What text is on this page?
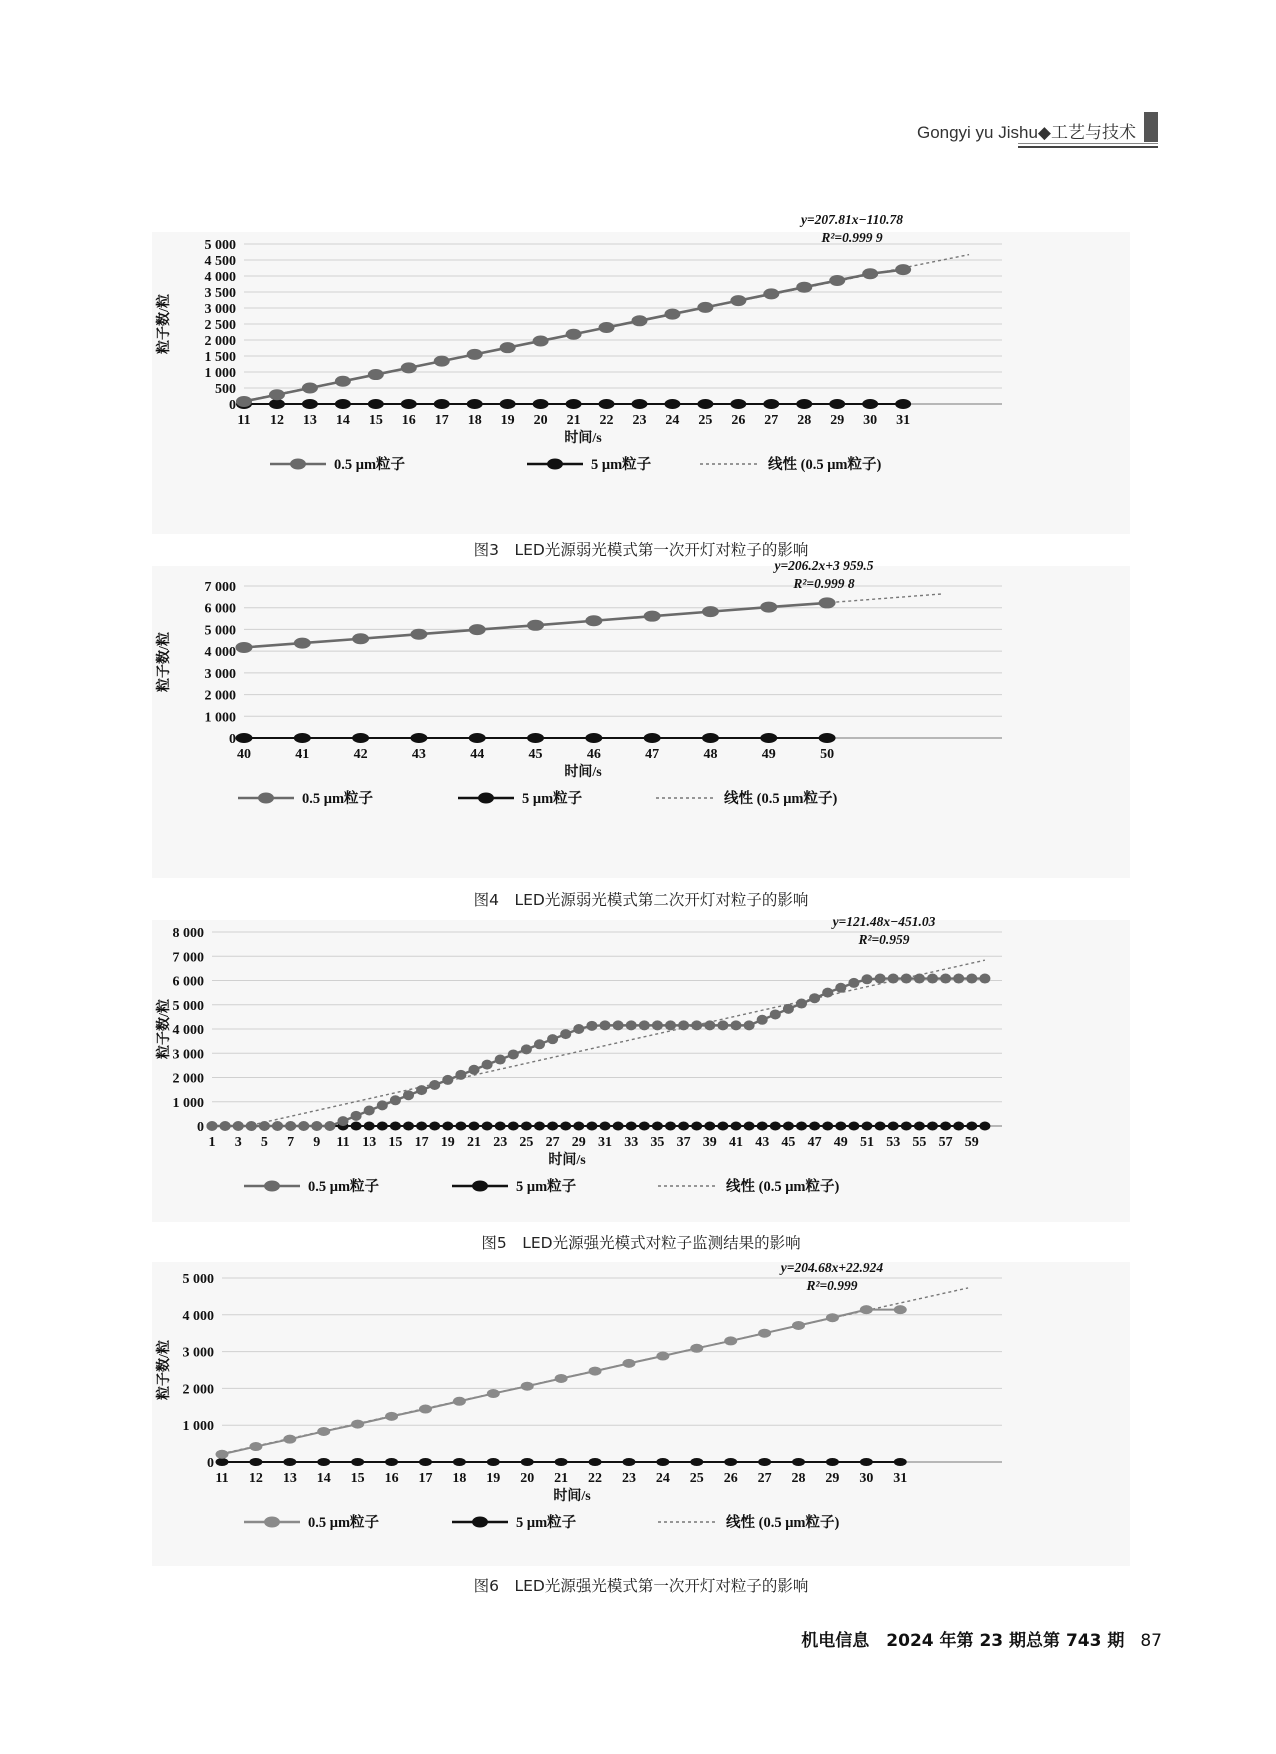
Gongyi yu Jishu◆工艺与技术
0
500
1 000
1 500
2 000
2 500
3 000
3 500
4 000
4 500
5 000
粒子数/粒
11 12 13 14 15 16 17 18 19 20 21 22 23 24 25 26 27 28 29 30 31
时间/s
y=207.81x−110.78
R²=0.999 9
0.5 μm粒子	5 μm粒子	线性 (0.5 μm粒子)
图3　LED光源弱光模式第一次开灯对粒子的影响
0
1 000
2 000
3 000
4 000
5 000
6 000
7 000
粒子数/粒
40	41	42	43	44	45	46	47	48	49	50
时间/s
y=206.2x+3 959.5
R²=0.999 8
0.5 μm粒子	5 μm粒子	线性 (0.5 μm粒子)
图4　LED光源弱光模式第二次开灯对粒子的影响
0
1 000
2 000
3 000
4 000
5 000
6 000
7 000
8 000
粒子数/粒
1 3 5 7 9 11 13 15 17 19 21 23 25 27 29 31 33 35 37 39 41 43 45 47 49 51 53 55 57 59
时间/s
y=121.48x−451.03
R²=0.959
0.5 μm粒子	5 μm粒子	线性 (0.5 μm粒子)
图5　LED光源强光模式对粒子监测结果的影响
0
1 000
2 000
3 000
4 000
5 000
粒子数/粒
11 12 13 14 15 16 17 18 19 20 21 22 23 24 25 26 27 28 29 30 31
时间/s
y=204.68x+22.924
R²=0.999
0.5 μm粒子	5 μm粒子	线性 (0.5 μm粒子)
图6　LED光源强光模式第一次开灯对粒子的影响
机电信息　2024 年第 23 期总第 743 期 87
